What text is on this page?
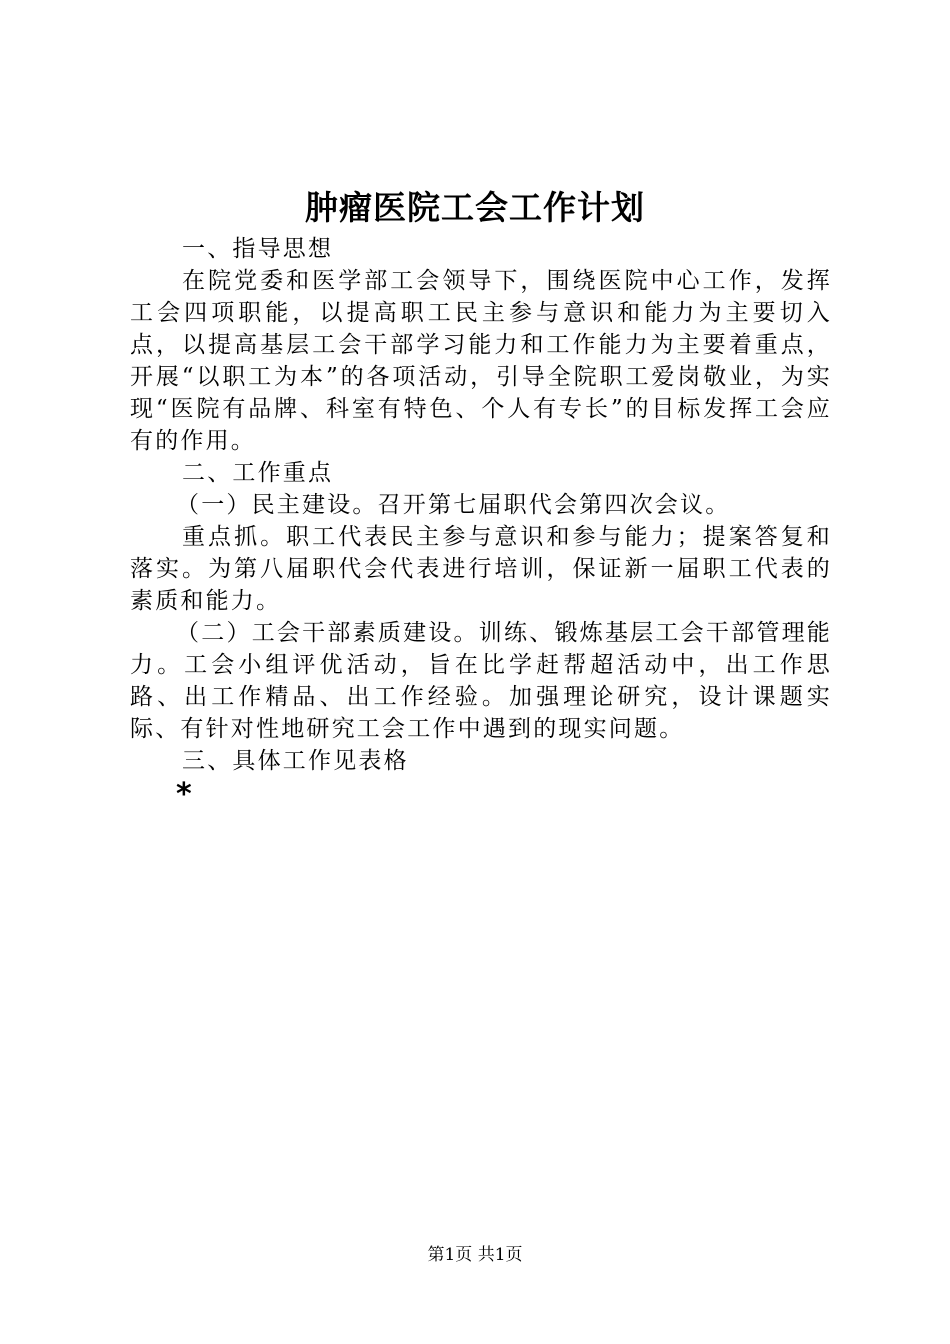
肿瘤医院工会工作计划

一、指导思想

在院党委和医学部工会领导下，围绕医院中心工作，发挥工会四项职能，以提高职工民主参与意识和能力为主要切入点，以提高基层工会干部学习能力和工作能力为主要着重点，开展“以职工为本”的各项活动，引导全院职工爱岗敬业，为实现“医院有品牌、科室有特色、个人有专长”的目标发挥工会应有的作用。

二、工作重点

（一）民主建设。召开第七届职代会第四次会议。

重点抓。职工代表民主参与意识和参与能力；提案答复和落实。为第八届职代会代表进行培训，保证新一届职工代表的素质和能力。

（二）工会干部素质建设。训练、锻炼基层工会干部管理能力。工会小组评优活动，旨在比学赶帮超活动中，出工作思路、出工作精品、出工作经验。加强理论研究，设计课题实际、有针对性地研究工会工作中遇到的现实问题。

三、具体工作见表格

*

第1页 共1页
